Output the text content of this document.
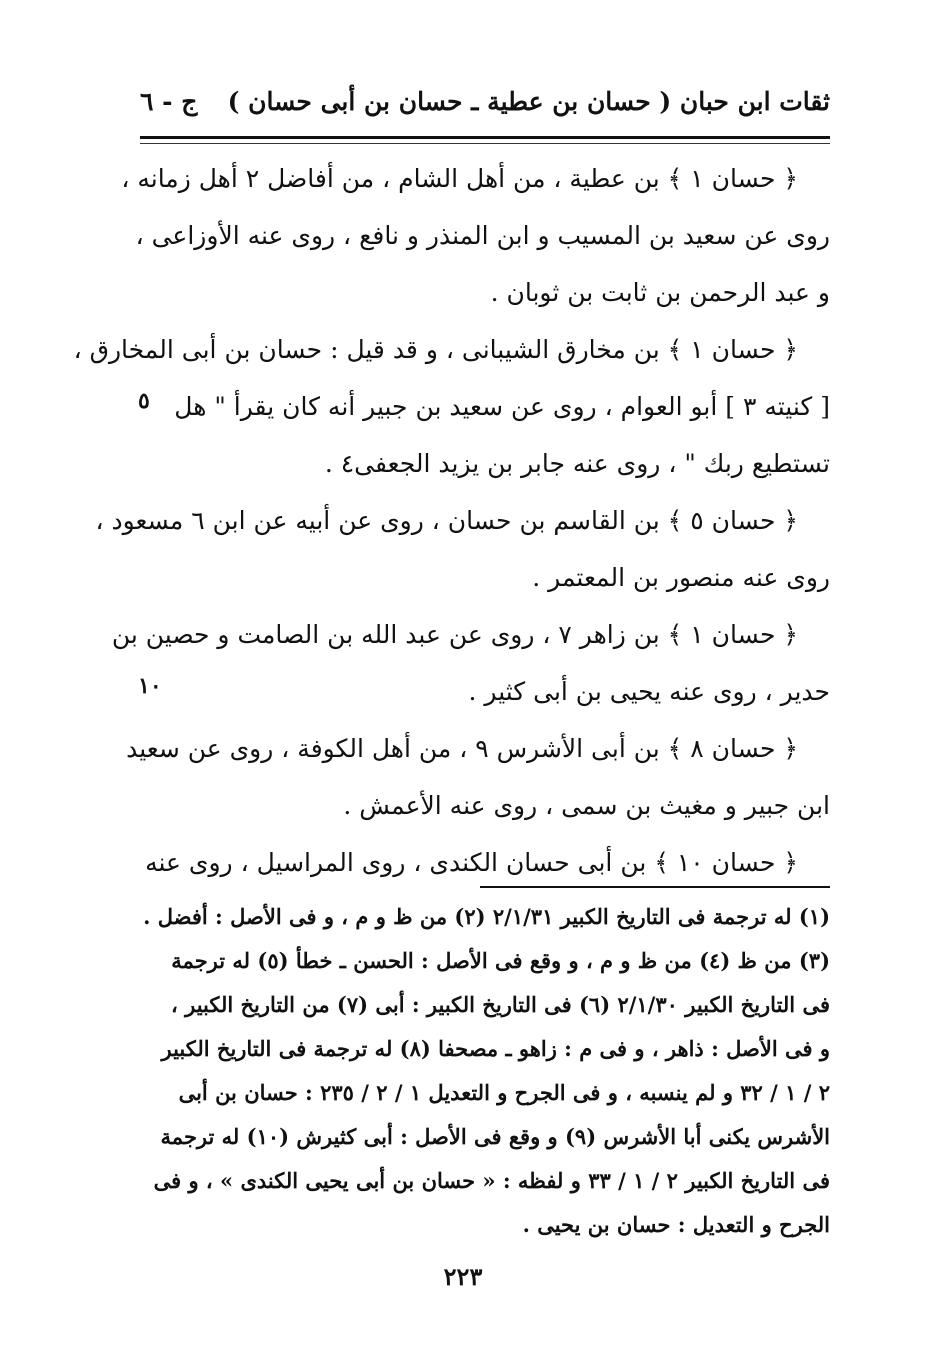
ثقات ابن حبان ( حسان بن عطية ـ حسان بن أبى حسان )
ج - ٦
﴿ حسان ١ ﴾ بن عطية ، من أهل الشام ، من أفاضل ٢ أهل زمانه ،
روى عن سعيد بن المسيب و ابن المنذر و نافع ، روى عنه الأوزاعى ،
و عبد الرحمن بن ثابت بن ثوبان .
﴿ حسان ١ ﴾ بن مخارق الشيبانى ، و قد قيل : حسان بن أبى المخارق ،
[ كنيته ٣ ] أبو العوام ، روى عن سعيد بن جبير أنه كان يقرأ " هل
تستطيع ربك " ، روى عنه جابر بن يزيد الجعفى٤ .
﴿ حسان ٥ ﴾ بن القاسم بن حسان ، روى عن أبيه عن ابن ٦ مسعود ،
روى عنه منصور بن المعتمر .
﴿ حسان ١ ﴾ بن زاهر ٧ ، روى عن عبد الله بن الصامت و حصين بن
حدير ، روى عنه يحيى بن أبى كثير .
﴿ حسان ٨ ﴾ بن أبى الأشرس ٩ ، من أهل الكوفة ، روى عن سعيد
ابن جبير و مغيث بن سمى ، روى عنه الأعمش .
﴿ حسان ١٠ ﴾ بن أبى حسان الكندى ، روى المراسيل ، روى عنه
٥
١٠
(١) له ترجمة فى التاريخ الكبير ٢/١/٣١ (٢) من ظ و م ، و فى الأصل : أفضل .
(٣) من ظ (٤) من ظ و م ، و وقع فى الأصل : الحسن ـ خطأ (٥) له ترجمة
فى التاريخ الكبير ٢/١/٣٠ (٦) فى التاريخ الكبير : أبى (٧) من التاريخ الكبير ،
و فى الأصل : ذاهر ، و فى م : زاهو ـ مصحفا (٨) له ترجمة فى التاريخ الكبير
٢ / ١ / ٣٢ و لم ينسبه ، و فى الجرح و التعديل ١ / ٢ / ٢٣٥ : حسان بن أبى
الأشرس يكنى أبا الأشرس (٩) و وقع فى الأصل : أبى كثيرش (١٠) له ترجمة
فى التاريخ الكبير ٢ / ١ / ٣٣ و لفظه : « حسان بن أبى يحيى الكندى » ، و فى
الجرح و التعديل : حسان بن يحيى .
٢٢٣
